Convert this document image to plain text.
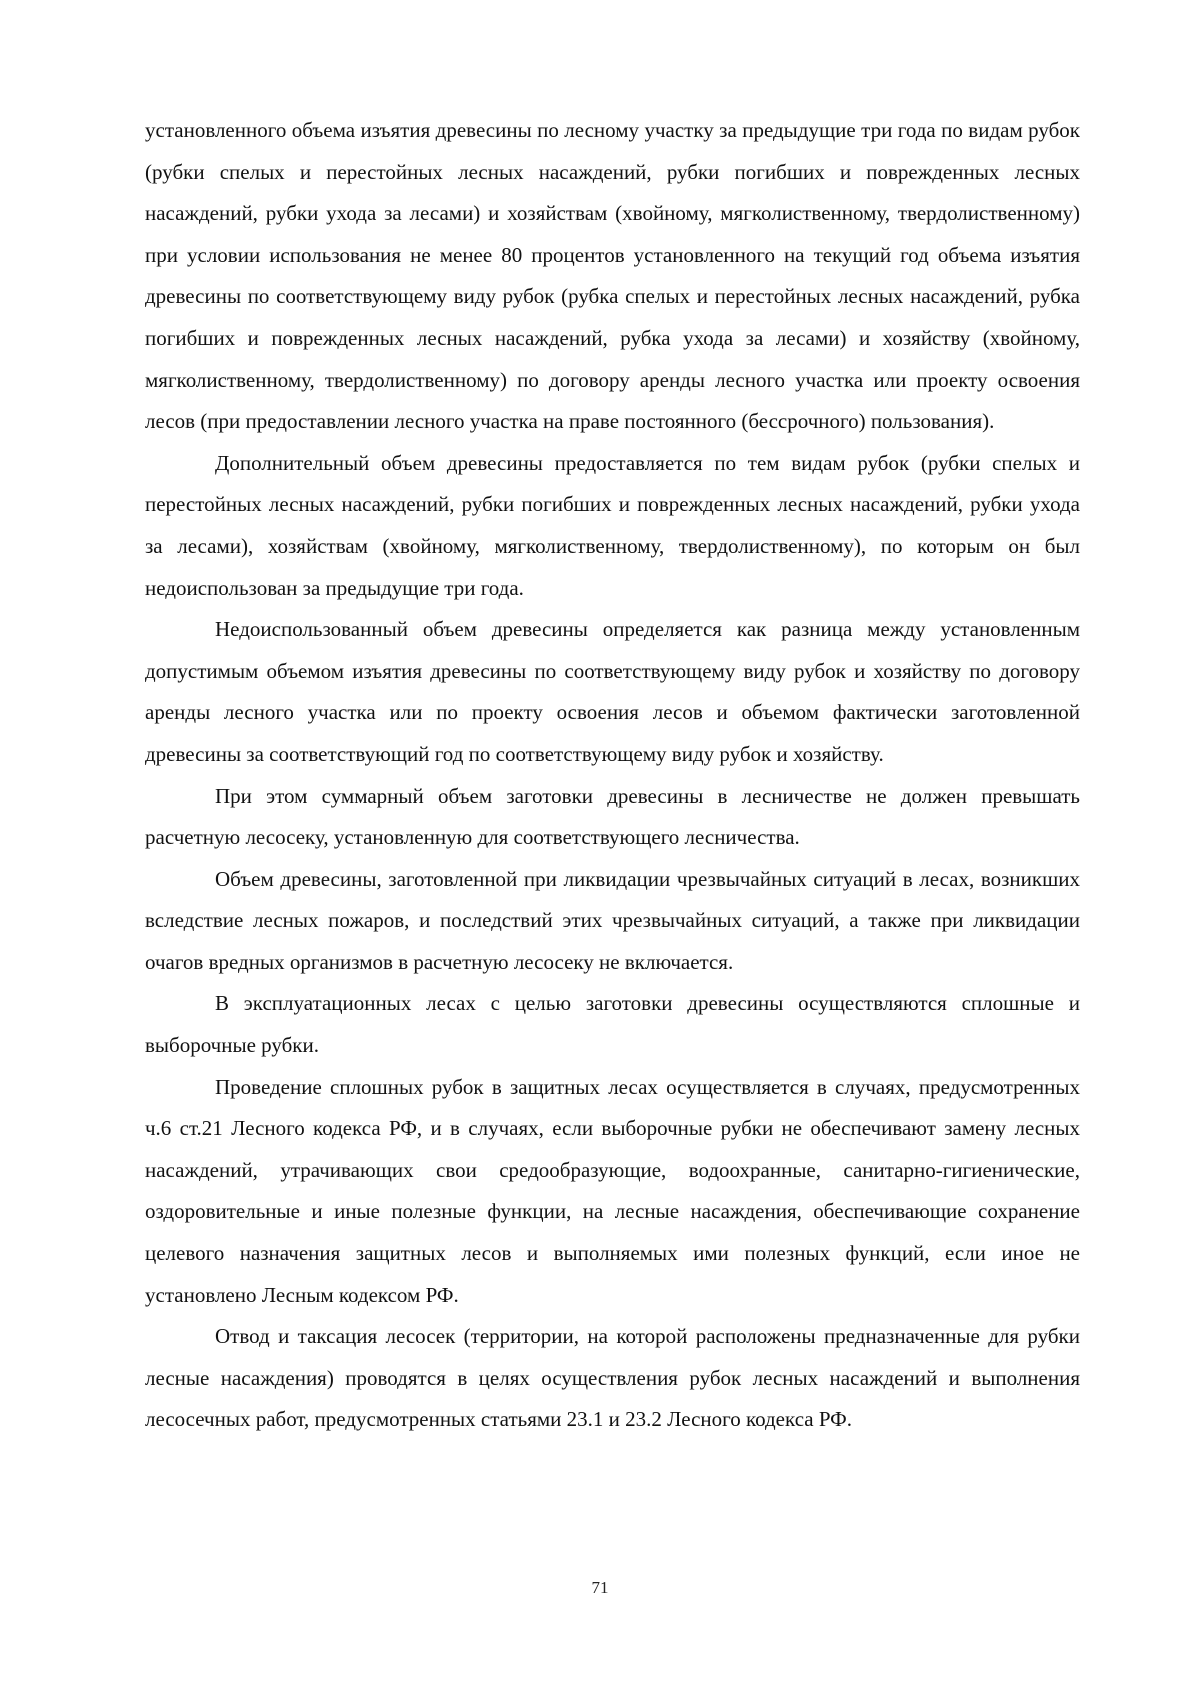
установленного объема изъятия древесины по лесному участку за предыдущие три года по видам рубок (рубки спелых и перестойных лесных насаждений, рубки погибших и поврежденных лесных насаждений, рубки ухода за лесами) и хозяйствам (хвойному, мягколиственному, твердолиственному) при условии использования не менее 80 процентов установленного на текущий год объема изъятия древесины по соответствующему виду рубок (рубка спелых и перестойных лесных насаждений, рубка погибших и поврежденных лесных насаждений, рубка ухода за лесами) и хозяйству (хвойному, мягколиственному, твердолиственному) по договору аренды лесного участка или проекту освоения лесов (при предоставлении лесного участка на праве постоянного (бессрочного) пользования).

Дополнительный объем древесины предоставляется по тем видам рубок (рубки спелых и перестойных лесных насаждений, рубки погибших и поврежденных лесных насаждений, рубки ухода за лесами), хозяйствам (хвойному, мягколиственному, твердолиственному), по которым он был недоиспользован за предыдущие три года.

Недоиспользованный объем древесины определяется как разница между установленным допустимым объемом изъятия древесины по соответствующему виду рубок и хозяйству по договору аренды лесного участка или по проекту освоения лесов и объемом фактически заготовленной древесины за соответствующий год по соответствующему виду рубок и хозяйству.

При этом суммарный объем заготовки древесины в лесничестве не должен превышать расчетную лесосеку, установленную для соответствующего лесничества.

Объем древесины, заготовленной при ликвидации чрезвычайных ситуаций в лесах, возникших вследствие лесных пожаров, и последствий этих чрезвычайных ситуаций, а также при ликвидации очагов вредных организмов в расчетную лесосеку не включается.

В эксплуатационных лесах с целью заготовки древесины осуществляются сплошные и выборочные рубки.

Проведение сплошных рубок в защитных лесах осуществляется в случаях, предусмотренных ч.6 ст.21 Лесного кодекса РФ, и в случаях, если выборочные рубки не обеспечивают замену лесных насаждений, утрачивающих свои средообразующие, водоохранные, санитарно-гигиенические, оздоровительные и иные полезные функции, на лесные насаждения, обеспечивающие сохранение целевого назначения защитных лесов и выполняемых ими полезных функций, если иное не установлено Лесным кодексом РФ.

Отвод и таксация лесосек (территории, на которой расположены предназначенные для рубки лесные насаждения) проводятся в целях осуществления рубок лесных насаждений и выполнения лесосечных работ, предусмотренных статьями 23.1 и 23.2 Лесного кодекса РФ.

71
